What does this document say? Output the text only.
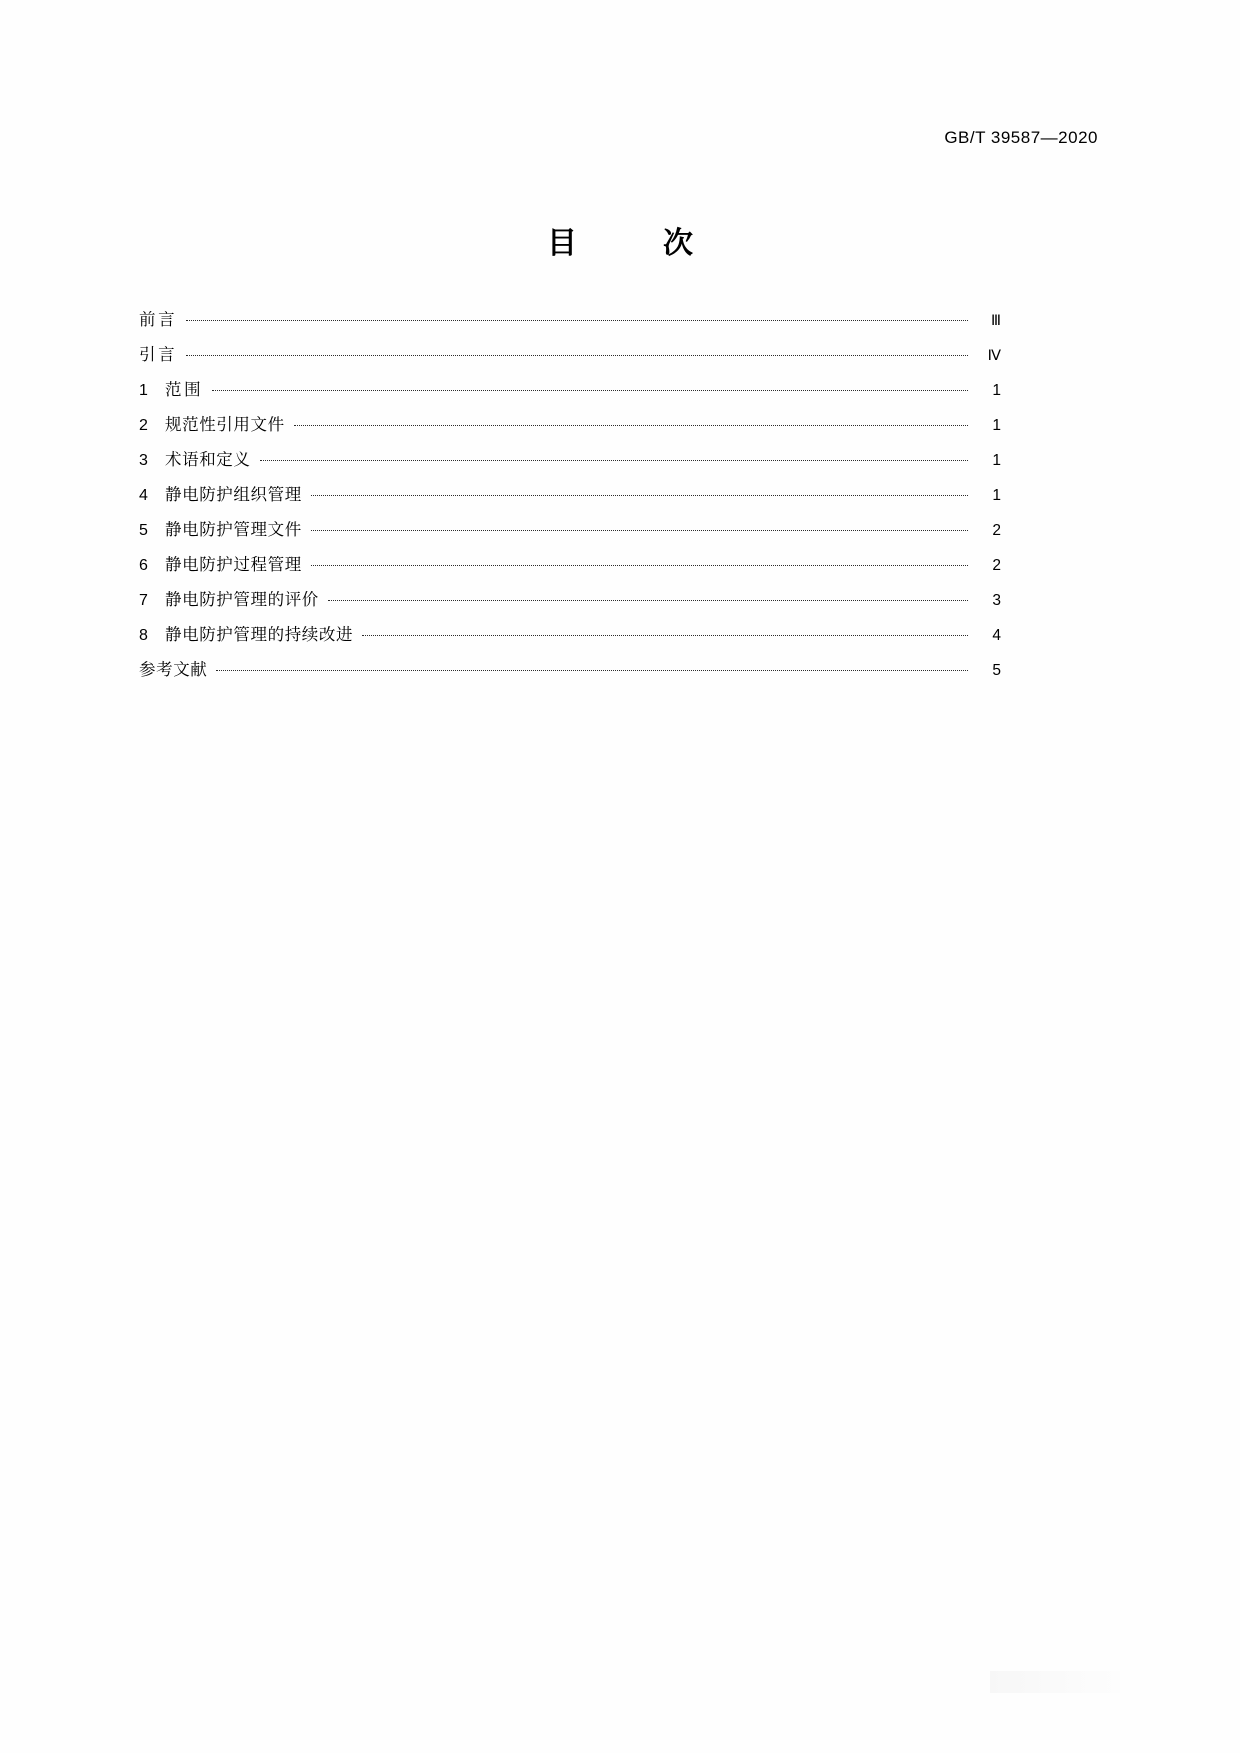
GB/T 39587—2020
目　次
前言	Ⅲ
引言	Ⅳ
1	范围	1
2	规范性引用文件	1
3	术语和定义	1
4	静电防护组织管理	1
5	静电防护管理文件	2
6	静电防护过程管理	2
7	静电防护管理的评价	3
8	静电防护管理的持续改进	4
参考文献	5
